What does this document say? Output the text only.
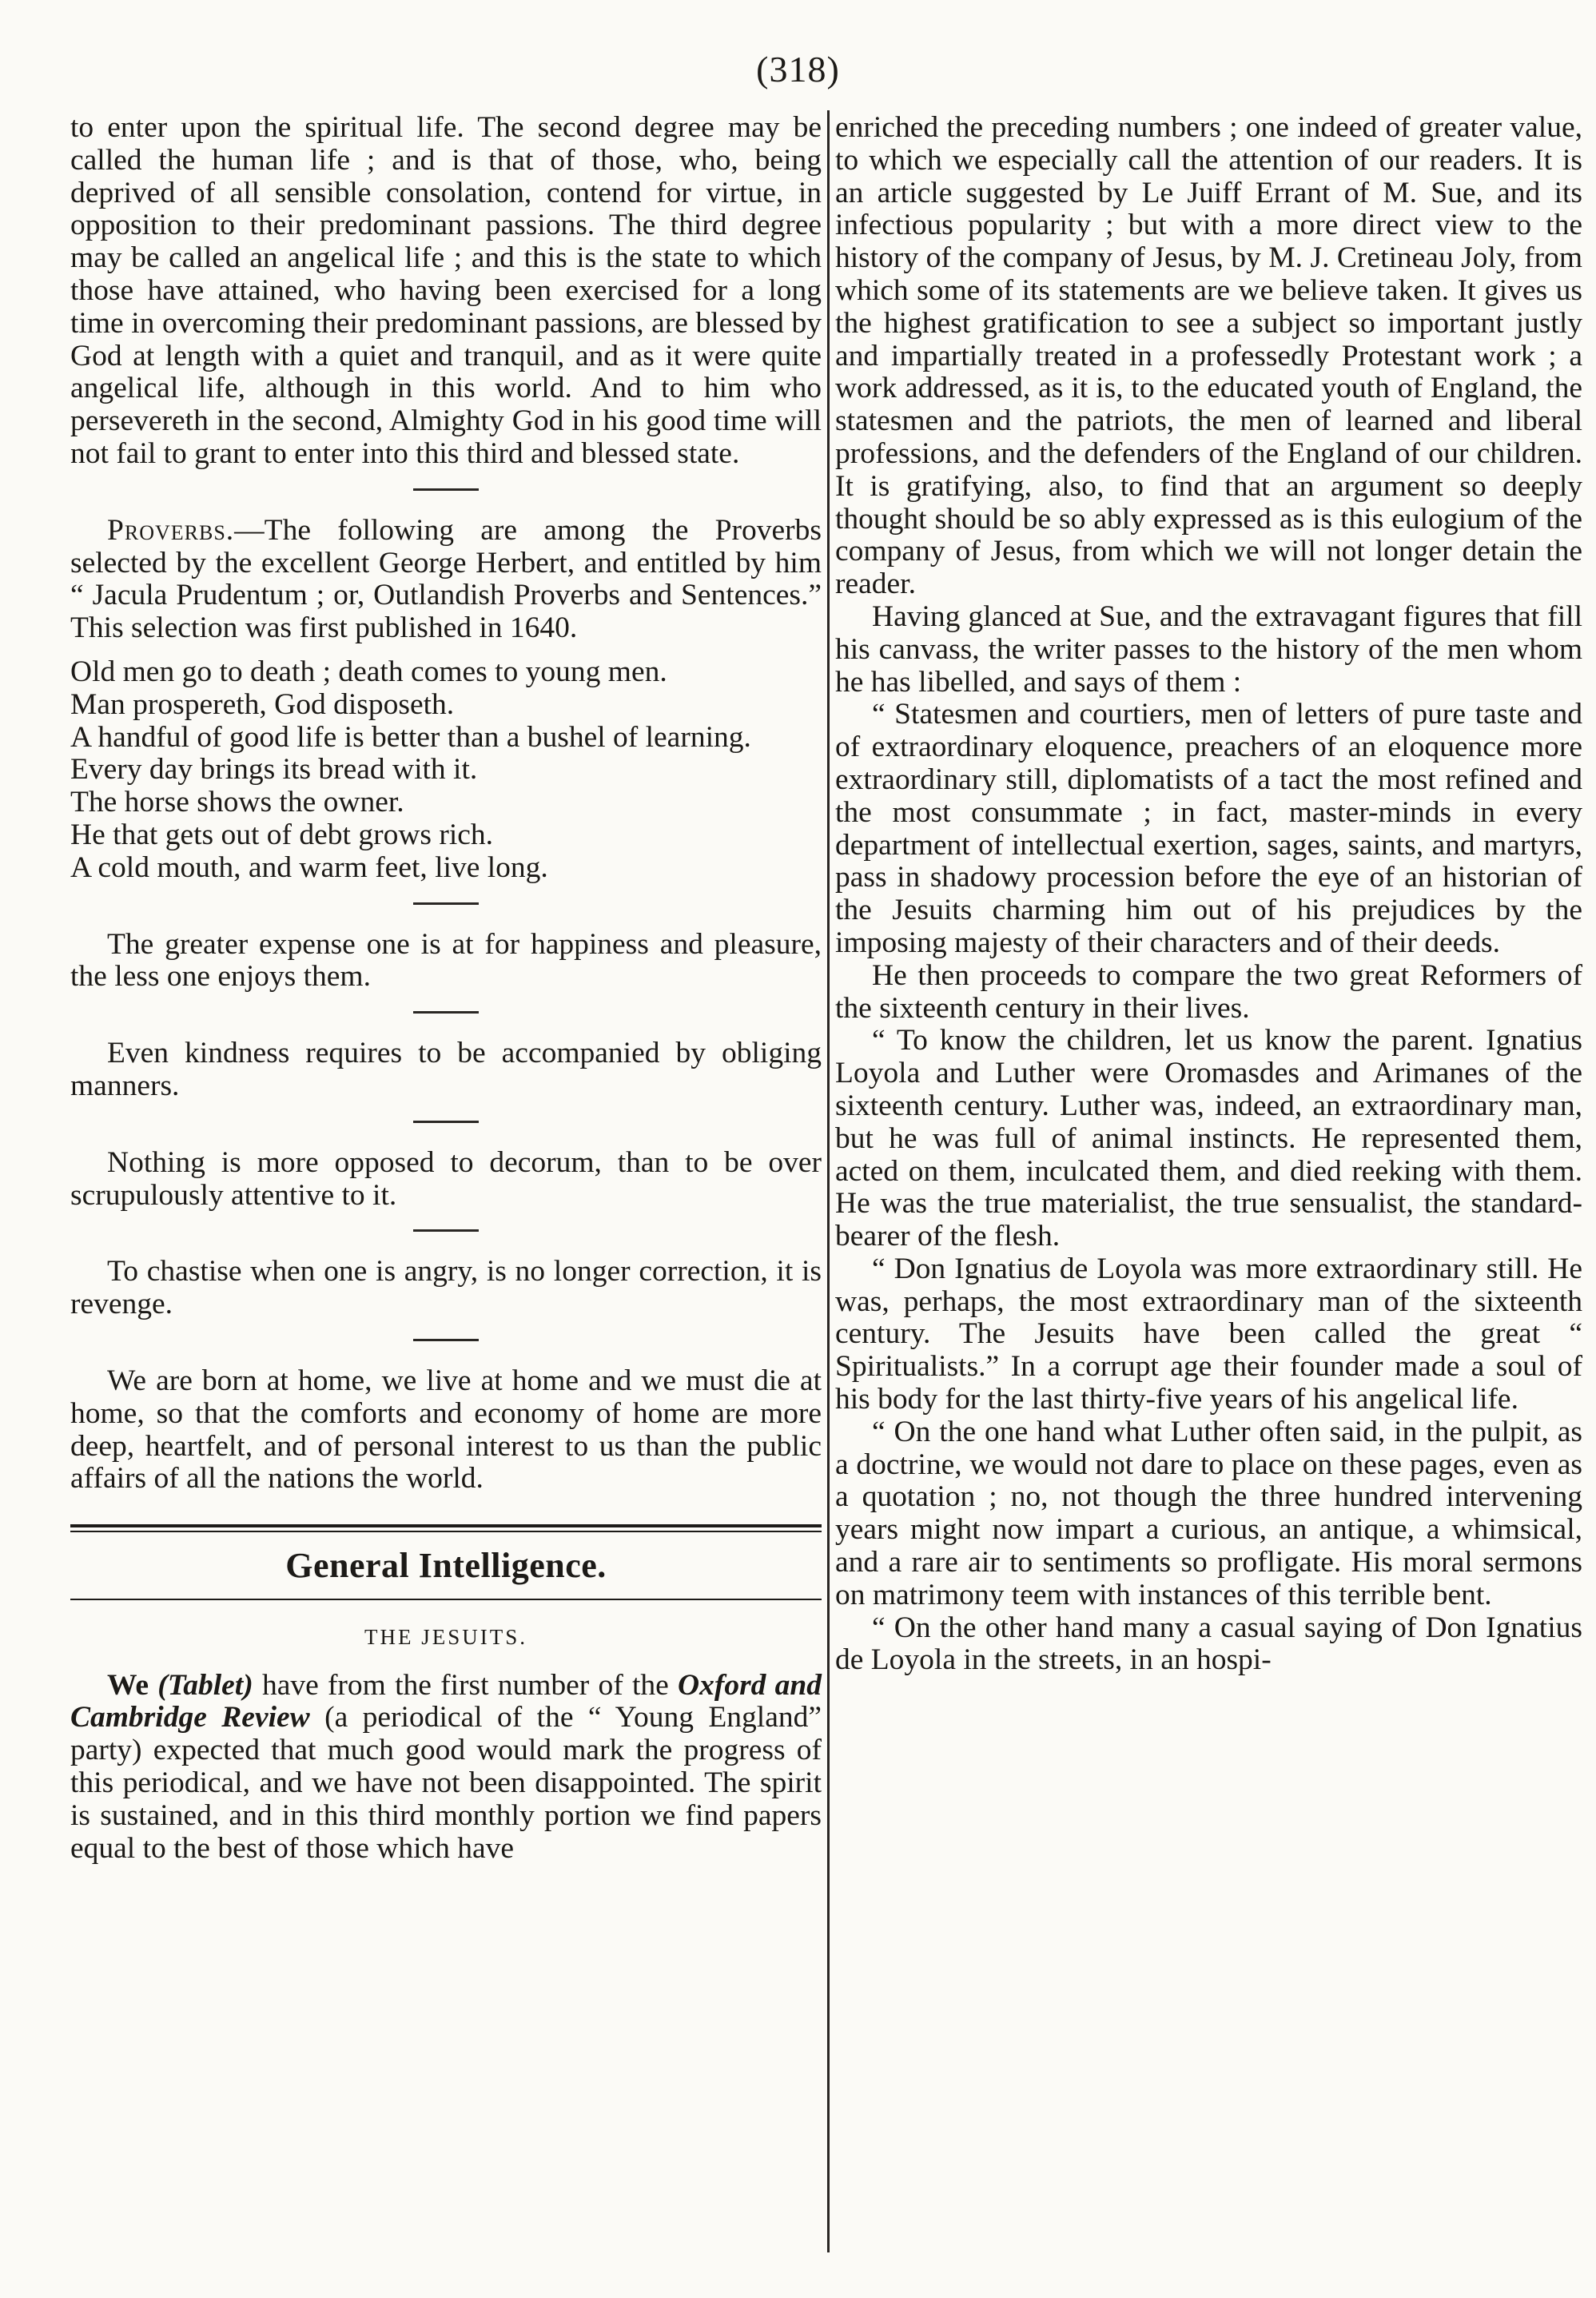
(318)

to enter upon the spiritual life. The second degree may be called the human life ; and is that of those, who, being deprived of all sensible consolation, contend for virtue, in opposition to their predominant passions. The third degree may be called an angelical life ; and this is the state to which those have attained, who having been exercised for a long time in overcoming their predominant passions, are blessed by God at length with a quiet and tranquil, and as it were quite angelical life, although in this world. And to him who persevereth in the second, Almighty God in his good time will not fail to grant to enter into this third and blessed state.

Proverbs.—The following are among the Proverbs selected by the excellent George Herbert, and entitled by him “ Jacula Prudentum ; or, Outlandish Proverbs and Sentences.” This selection was first published in 1640.

Old men go to death ; death comes to young men.

Man prospereth, God disposeth.

A handful of good life is better than a bushel of learning.

Every day brings its bread with it.

The horse shows the owner.

He that gets out of debt grows rich.

A cold mouth, and warm feet, live long.

The greater expense one is at for happiness and pleasure, the less one enjoys them.

Even kindness requires to be accompanied by obliging manners.

Nothing is more opposed to decorum, than to be over scrupulously attentive to it.

To chastise when one is angry, is no longer correction, it is revenge.

We are born at home, we live at home and we must die at home, so that the comforts and economy of home are more deep, heartfelt, and of personal interest to us than the public affairs of all the nations the world.

General Intelligence.
THE JESUITS.

We (Tablet) have from the first number of the Oxford and Cambridge Review (a periodical of the “ Young England” party) expected that much good would mark the progress of this periodical, and we have not been disappointed. The spirit is sustained, and in this third monthly portion we find papers equal to the best of those which have

enriched the preceding numbers ; one indeed of greater value, to which we especially call the attention of our readers. It is an article suggested by Le Juiff Errant of M. Sue, and its infectious popularity ; but with a more direct view to the history of the company of Jesus, by M. J. Cretineau Joly, from which some of its statements are we believe taken. It gives us the highest gratification to see a subject so important justly and impartially treated in a professedly Protestant work ; a work addressed, as it is, to the educated youth of England, the statesmen and the patriots, the men of learned and liberal professions, and the defenders of the England of our children. It is gratifying, also, to find that an argument so deeply thought should be so ably expressed as is this eulogium of the company of Jesus, from which we will not longer detain the reader.

Having glanced at Sue, and the extravagant figures that fill his canvass, the writer passes to the history of the men whom he has libelled, and says of them :

“ Statesmen and courtiers, men of letters of pure taste and of extraordinary eloquence, preachers of an eloquence more extraordinary still, diplomatists of a tact the most refined and the most consummate ; in fact, master-minds in every department of intellectual exertion, sages, saints, and martyrs, pass in shadowy procession before the eye of an historian of the Jesuits charming him out of his prejudices by the imposing majesty of their characters and of their deeds.

He then proceeds to compare the two great Reformers of the sixteenth century in their lives.

“ To know the children, let us know the parent. Ignatius Loyola and Luther were Oromasdes and Arimanes of the sixteenth century. Luther was, indeed, an extraordinary man, but he was full of animal instincts. He represented them, acted on them, inculcated them, and died reeking with them. He was the true materialist, the true sensualist, the standard-bearer of the flesh.

“ Don Ignatius de Loyola was more extraordinary still. He was, perhaps, the most extraordinary man of the sixteenth century. The Jesuits have been called the great “ Spiritualists.” In a corrupt age their founder made a soul of his body for the last thirty-five years of his angelical life.

“ On the one hand what Luther often said, in the pulpit, as a doctrine, we would not dare to place on these pages, even as a quotation ; no, not though the three hundred intervening years might now impart a curious, an antique, a whimsical, and a rare air to sentiments so profligate. His moral sermons on matrimony teem with instances of this terrible bent.

“ On the other hand many a casual saying of Don Ignatius de Loyola in the streets, in an hospi-
